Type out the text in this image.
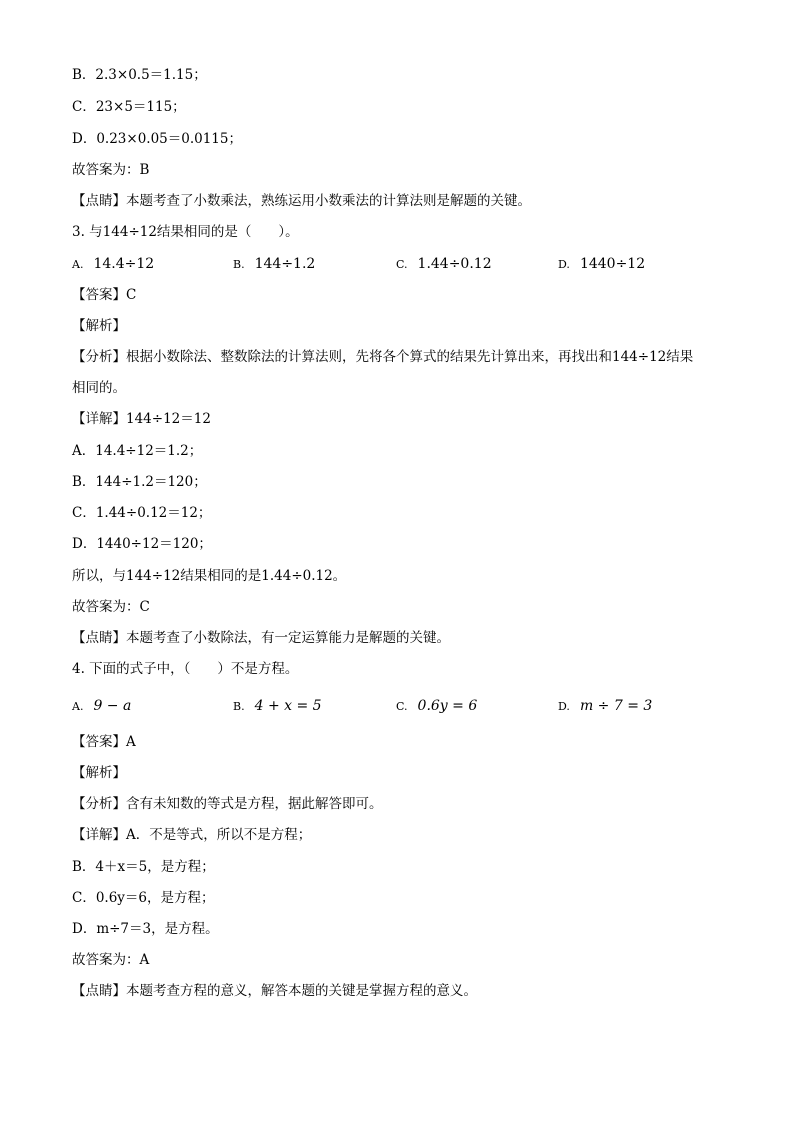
B．2.3×0.5＝1.15；
C．23×5＝115；
D．0.23×0.05＝0.0115；
故答案为：B
【点睛】本题考查了小数乘法，熟练运用小数乘法的计算法则是解题的关键。
3. 与144÷12结果相同的是（　　）。
A. 14.4÷12	B. 144÷1.2	C. 1.44÷0.12	D. 1440÷12
【答案】C
【解析】
【分析】根据小数除法、整数除法的计算法则，先将各个算式的结果先计算出来，再找出和144÷12结果
相同的。
【详解】144÷12＝12
A．14.4÷12＝1.2；
B．144÷1.2＝120；
C．1.44÷0.12＝12；
D．1440÷12＝120；
所以，与144÷12结果相同的是1.44÷0.12。
故答案为：C
【点睛】本题考查了小数除法，有一定运算能力是解题的关键。
4. 下面的式子中，（　　）不是方程。
A. 9 − a	B. 4 + x = 5	C. 0.6y = 6	D. m ÷ 7 = 3
【答案】A
【解析】
【分析】含有未知数的等式是方程，据此解答即可。
【详解】A．不是等式，所以不是方程；
B．4＋x＝5，是方程；
C．0.6y＝6，是方程；
D．m÷7＝3，是方程。
故答案为：A
【点睛】本题考查方程的意义，解答本题的关键是掌握方程的意义。
